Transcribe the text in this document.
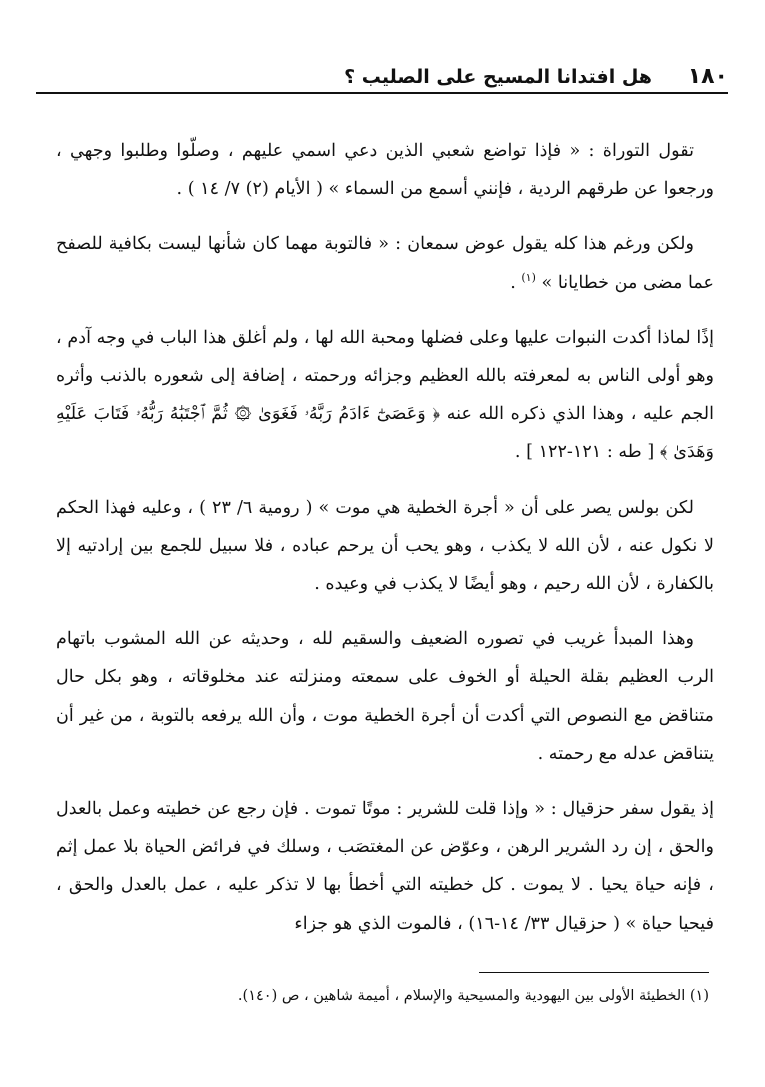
١٨٠
هل افتدانا المسيح على الصليب ؟

تقول التوراة : « فإذا تواضع شعبي الذين دعي اسمي عليهم ، وصلّوا وطلبوا وجهي ، ورجعوا عن طرقهم الردية ، فإنني أسمع من السماء » ( الأيام (٢) ٧/ ١٤ ) .

ولكن ورغم هذا كله يقول عوض سمعان : « فالتوبة مهما كان شأنها ليست بكافية للصفح عما مضى من خطايانا » $^{(١)}$ .

إذًا لماذا أكدت النبوات عليها وعلى فضلها ومحبة الله لها ، ولم أغلق هذا الباب في وجه آدم ، وهو أولى الناس به لمعرفته بالله العظيم وجزائه ورحمته ، إضافة إلى شعوره بالذنب وأثره الجم عليه ، وهذا الذي ذكره الله عنه ﴿ وَعَصَىٰٓ ءَادَمُ رَبَّهُۥ فَغَوَىٰ ۞ ثُمَّ ٱجْتَبَٰهُ رَبُّهُۥ فَتَابَ عَلَيْهِ وَهَدَىٰ ﴾ [ طه : ١٢١-١٢٢ ] .

لكن بولس يصر على أن « أجرة الخطية هي موت » ( رومية ٦/ ٢٣ ) ، وعليه فهذا الحكم لا نكول عنه ، لأن الله لا يكذب ، وهو يحب أن يرحم عباده ، فلا سبيل للجمع بين إرادتيه إلا بالكفارة ، لأن الله رحيم ، وهو أيضًا لا يكذب في وعيده .

وهذا المبدأ غريب في تصوره الضعيف والسقيم لله ، وحديثه عن الله المشوب باتهام الرب العظيم بقلة الحيلة أو الخوف على سمعته ومنزلته عند مخلوقاته ، وهو بكل حال متناقض مع النصوص التي أكدت أن أجرة الخطية موت ، وأن الله يرفعه بالتوبة ، من غير أن يتناقض عدله مع رحمته .

إذ يقول سفر حزقيال : « وإذا قلت للشرير : موتًا تموت . فإن رجع عن خطيته وعمل بالعدل والحق ، إن رد الشرير الرهن ، وعوّض عن المغتصَب ، وسلك في فرائض الحياة بلا عمل إثم ، فإنه حياة يحيا . لا يموت . كل خطيته التي أخطأ بها لا تذكر عليه ، عمل بالعدل والحق ، فيحيا حياة » ( حزقيال ٣٣/ ١٤-١٦) ، فالموت الذي هو جزاء

(١) الخطيئة الأولى بين اليهودية والمسيحية والإسلام ، أميمة شاهين ، ص (١٤٠).
